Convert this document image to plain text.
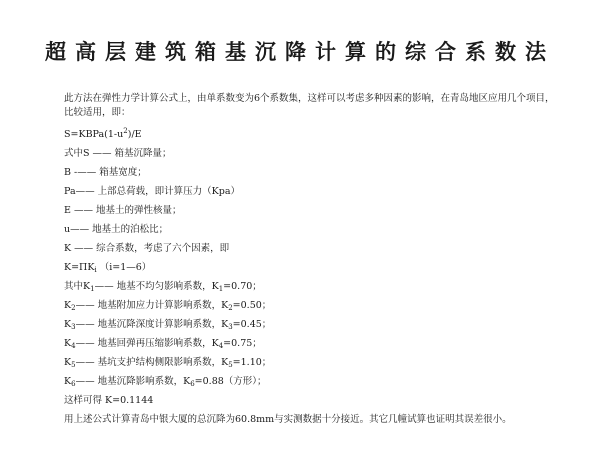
超高层建筑箱基沉降计算的综合系数法
此方法在弹性力学计算公式上，由单系数变为6个系数集，这样可以考虑多种因素的影响，在青岛地区应用几个项目，比较适用，即：
$S=KBPa(1-u^2)/E$
式中S —— 箱基沉降量；
B -—— 箱基宽度；
Pa—— 上部总荷载，即计算压力（Kpa）
E —— 地基土的弹性核量；
u—— 地基土的泊松比；
K —— 综合系数，考虑了六个因素，即
$K=\Pi K_i$ （i=1—6）
其中$K_1——$ 地基不均匀影响系数，$K_1=0.70$；
$K_2——$ 地基附加应力计算影响系数，$K_2=0.50$；
$K_3——$ 地基沉降深度计算影响系数，$K_3=0.45$；
$K_4——$ 地基回弹再压缩影响系数，$K_4=0.75$；
$K_5——$ 基坑支护结构侧限影响系数，$K_5=1.10$；
$K_6——$ 地基沉降影响系数，$K_6=0.88$（方形）；
这样可得 K=0.1144
用上述公式计算青岛中银大厦的总沉降为60.8mm与实测数据十分接近。其它几幢试算也证明其误差很小。
